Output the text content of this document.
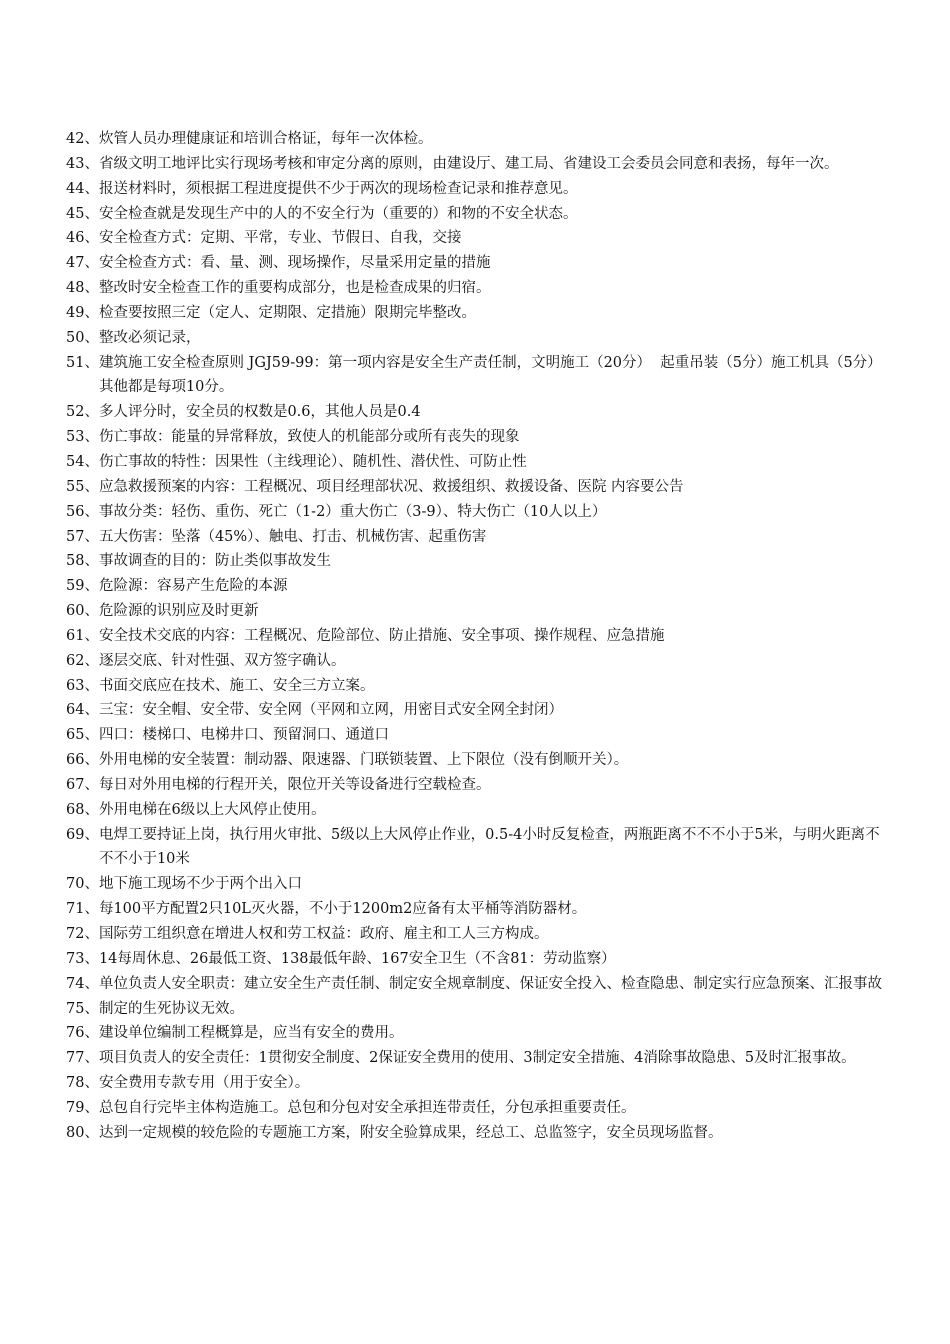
42、 炊管人员办理健康证和培训合格证，每年一次体检。
43、 省级文明工地评比实行现场考核和审定分离的原则，由建设厅、建工局、省建设工会委员会同意和表扬，每年一次。
44、 报送材料时，须根据工程进度提供不少于两次的现场检查记录和推荐意见。
45、 安全检查就是发现生产中的人的不安全行为（重要的）和物的不安全状态。
46、 安全检查方式：定期、平常，专业、节假日、自我，交接
47、 安全检查方式：看、量、测、现场操作，尽量采用定量的措施
48、 整改时安全检查工作的重要构成部分，也是检查成果的归宿。
49、 检查要按照三定（定人、定期限、定措施）限期完毕整改。
50、 整改必须记录，
51、 建筑施工安全检查原则 JGJ59-99：第一项内容是安全生产责任制，文明施工（20分）  起重吊装（5分）施工机具（5分）其他都是每项10分。
52、 多人评分时，安全员的权数是0.6，其他人员是0.4
53、 伤亡事故：能量的异常释放，致使人的机能部分或所有丧失的现象
54、 伤亡事故的特性：因果性（主线理论）、随机性、潜伏性、可防止性
55、 应急救援预案的内容：工程概况、项目经理部状况、救援组织、救援设备、医院 内容要公告
56、 事故分类：轻伤、重伤、死亡（1-2）重大伤亡（3-9）、特大伤亡（10人以上）
57、 五大伤害：坠落（45%）、触电、打击、机械伤害、起重伤害
58、 事故调查的目的：防止类似事故发生
59、 危险源：容易产生危险的本源
60、 危险源的识别应及时更新
61、 安全技术交底的内容：工程概况、危险部位、防止措施、安全事项、操作规程、应急措施
62、 逐层交底、针对性强、双方签字确认。
63、 书面交底应在技术、施工、安全三方立案。
64、 三宝：安全帽、安全带、安全网（平网和立网，用密目式安全网全封闭）
65、 四口：楼梯口、电梯井口、预留洞口、通道口
66、 外用电梯的安全装置：制动器、限速器、门联锁装置、上下限位（没有倒顺开关）。
67、 每日对外用电梯的行程开关，限位开关等设备进行空载检查。
68、 外用电梯在6级以上大风停止使用。
69、 电焊工要持证上岗，执行用火审批、5级以上大风停止作业，0.5-4小时反复检查，两瓶距离不不不小于5米，与明火距离不不不小于10米
70、 地下施工现场不少于两个出入口
71、 每100平方配置2只10L灭火器，不小于1200m2应备有太平桶等消防器材。
72、 国际劳工组织意在增进人权和劳工权益：政府、雇主和工人三方构成。
73、 14每周休息、26最低工资、138最低年龄、167安全卫生（不含81：劳动监察）
74、 单位负责人安全职责：建立安全生产责任制、制定安全规章制度、保证安全投入、检查隐患、制定实行应急预案、汇报事故
75、 制定的生死协议无效。
76、 建设单位编制工程概算是，应当有安全的费用。
77、 项目负责人的安全责任：1贯彻安全制度、2保证安全费用的使用、3制定安全措施、4消除事故隐患、5及时汇报事故。
78、 安全费用专款专用（用于安全）。
79、 总包自行完毕主体构造施工。总包和分包对安全承担连带责任，分包承担重要责任。
80、 达到一定规模的较危险的专题施工方案，附安全验算成果，经总工、总监签字，安全员现场监督。
